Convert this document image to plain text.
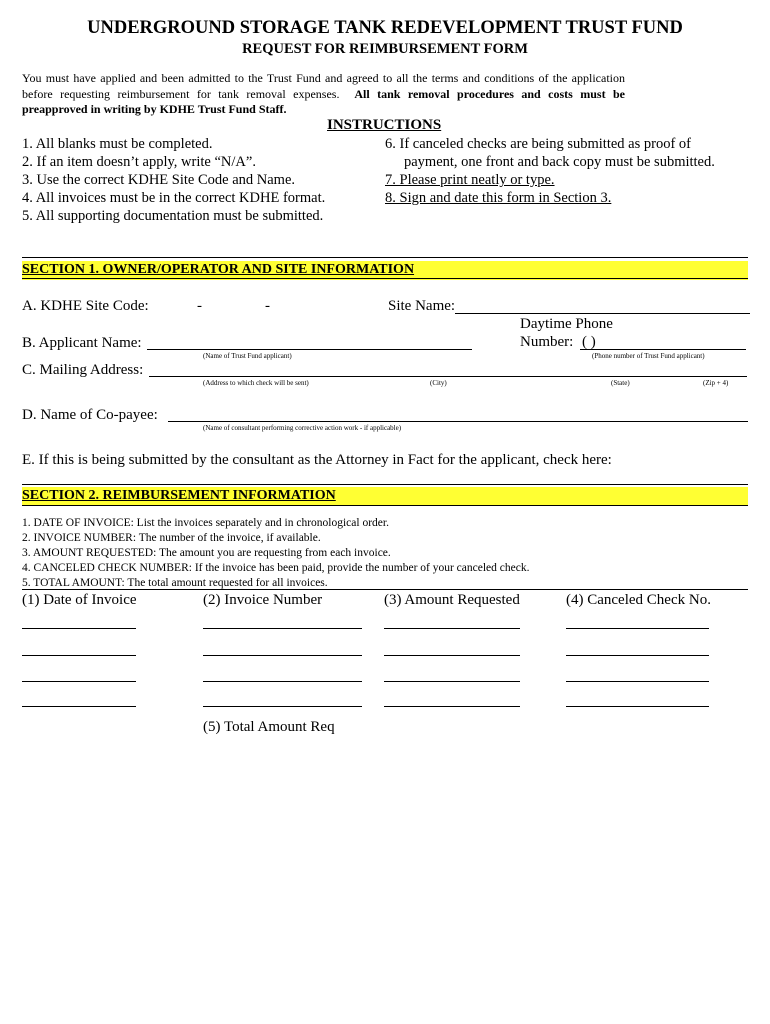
UNDERGROUND STORAGE TANK REDEVELOPMENT TRUST FUND
REQUEST FOR REIMBURSEMENT FORM
You must have applied and been admitted to the Trust Fund and agreed to all the terms and conditions of the application before requesting reimbursement for tank removal expenses. All tank removal procedures and costs must be preapproved in writing by KDHE Trust Fund Staff.
INSTRUCTIONS
1. All blanks must be completed.
2. If an item doesn’t apply, write “N/A”.
3. Use the correct KDHE Site Code and Name.
4. All invoices must be in the correct KDHE format.
5. All supporting documentation must be submitted.
6. If canceled checks are being submitted as proof of
payment, one front and back copy must be submitted.
7. Please print neatly or type.
8. Sign and date this form in Section 3.
SECTION 1. OWNER/OPERATOR AND SITE INFORMATION
A. KDHE Site Code:	-	-	Site Name:
Daytime Phone
Number: ( )
B. Applicant Name:
(Name of Trust Fund applicant)	(Phone number of Trust Fund applicant)
C. Mailing Address:
(Address to which check will be sent)	(City)	(State)	(Zip + 4)
D. Name of Co-payee:
(Name of consultant performing corrective action work - if applicable)
E. If this is being submitted by the consultant as the Attorney in Fact for the applicant, check here:
SECTION 2. REIMBURSEMENT INFORMATION
1. DATE OF INVOICE: List the invoices separately and in chronological order.
2. INVOICE NUMBER: The number of the invoice, if available.
3. AMOUNT REQUESTED: The amount you are requesting from each invoice.
4. CANCELED CHECK NUMBER: If the invoice has been paid, provide the number of your canceled check.
5. TOTAL AMOUNT: The total amount requested for all invoices.
(1) Date of Invoice	(2) Invoice Number	(3) Amount Requested	(4) Canceled Check No.
(5) Total Amount Req
